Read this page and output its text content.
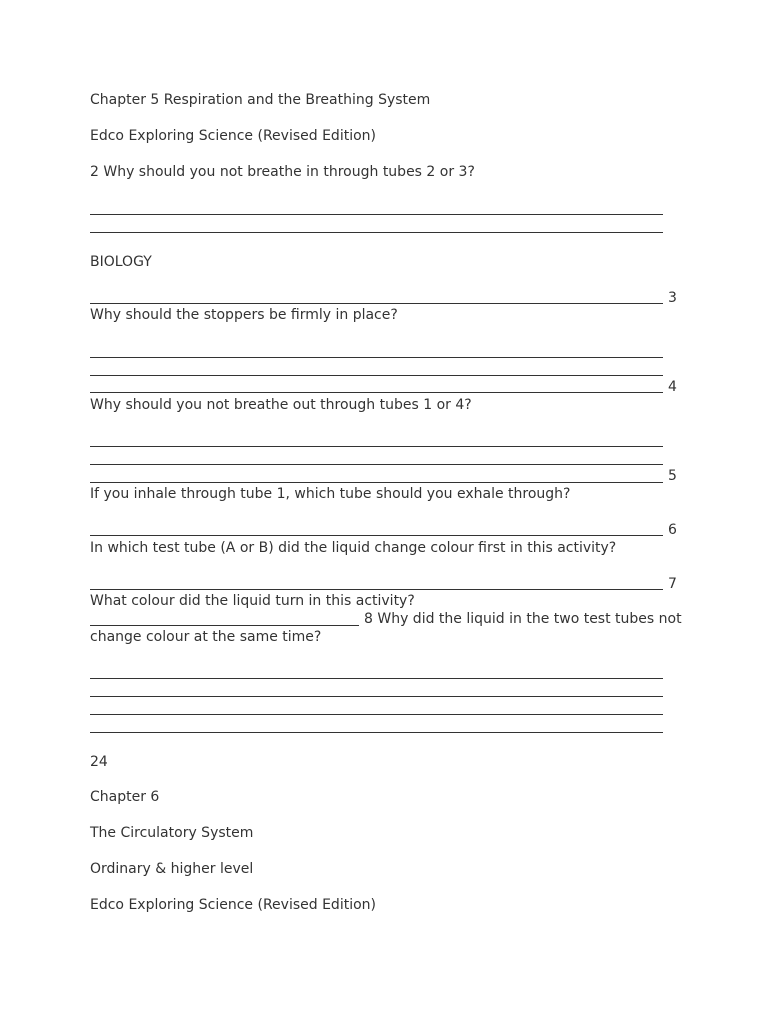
Chapter 5 Respiration and the Breathing System
Edco Exploring Science (Revised Edition)
2 Why should you not breathe in through tubes 2 or 3?
BIOLOGY
3
Why should the stoppers be firmly in place?
4
Why should you not breathe out through tubes 1 or 4?
5
If you inhale through tube 1, which tube should you exhale through?
6
In which test tube (A or B) did the liquid change colour first in this activity?
7
What colour did the liquid turn in this activity?
8 Why did the liquid in the two test tubes not
change colour at the same time?
24
Chapter 6
The Circulatory System
Ordinary & higher level
Edco Exploring Science (Revised Edition)
